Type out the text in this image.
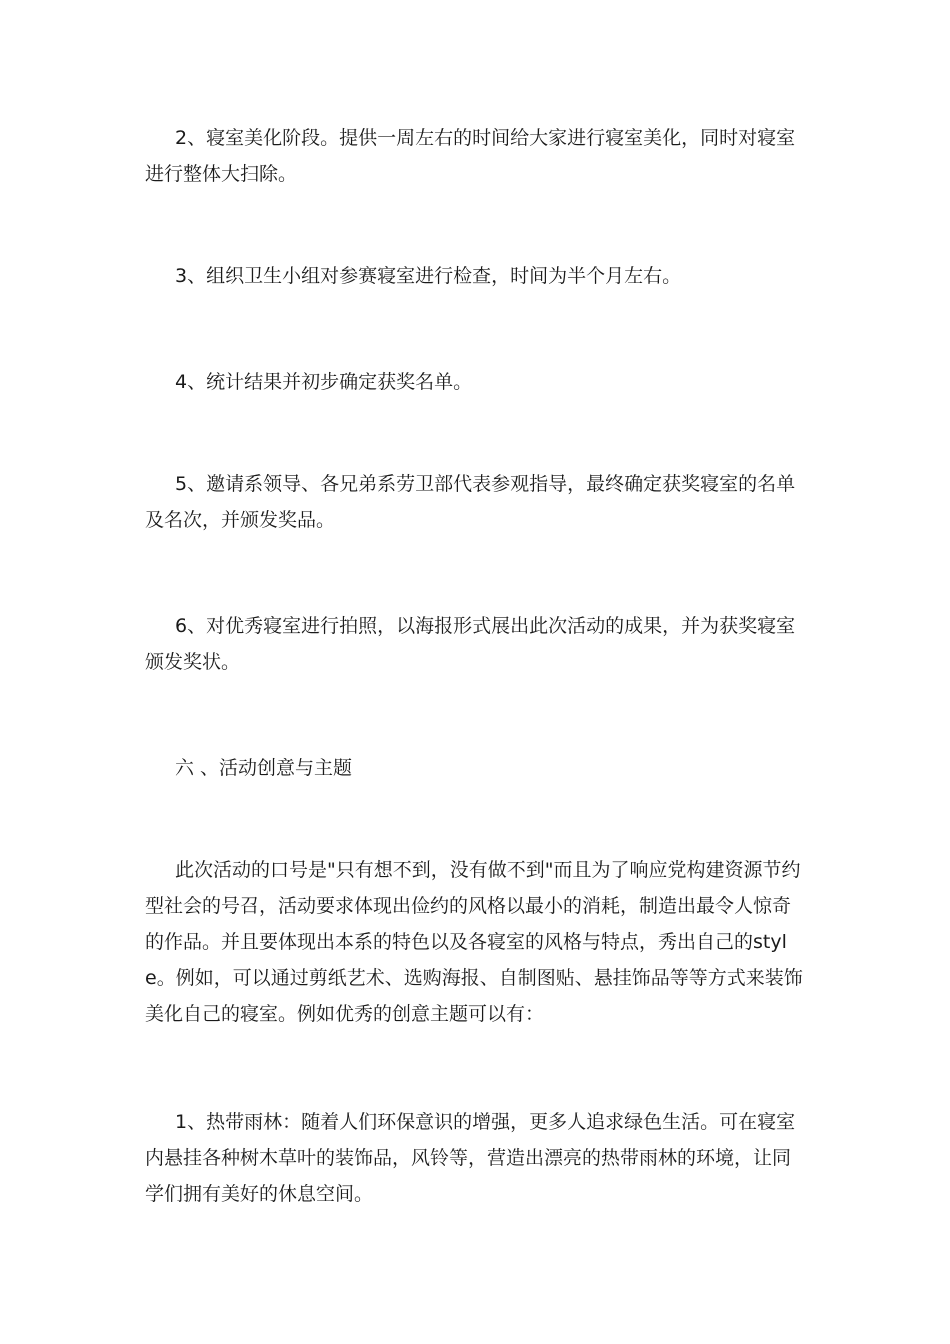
2、寝室美化阶段。提供一周左右的时间给大家进行寝室美化，同时对寝室进行整体大扫除。

3、组织卫生小组对参赛寝室进行检查，时间为半个月左右。

4、统计结果并初步确定获奖名单。

5、邀请系领导、各兄弟系劳卫部代表参观指导，最终确定获奖寝室的名单及名次，并颁发奖品。

6、对优秀寝室进行拍照，以海报形式展出此次活动的成果，并为获奖寝室颁发奖状。

六 、活动创意与主题

此次活动的口号是"只有想不到，没有做不到"而且为了响应党构建资源节约型社会的号召，活动要求体现出俭约的风格以最小的消耗，制造出最令人惊奇的作品。并且要体现出本系的特色以及各寝室的风格与特点，秀出自己的style。例如，可以通过剪纸艺术、选购海报、自制图贴、悬挂饰品等等方式来装饰美化自己的寝室。例如优秀的创意主题可以有：

1、热带雨林：随着人们环保意识的增强，更多人追求绿色生活。可在寝室内悬挂各种树木草叶的装饰品，风铃等，营造出漂亮的热带雨林的环境，让同学们拥有美好的休息空间。
